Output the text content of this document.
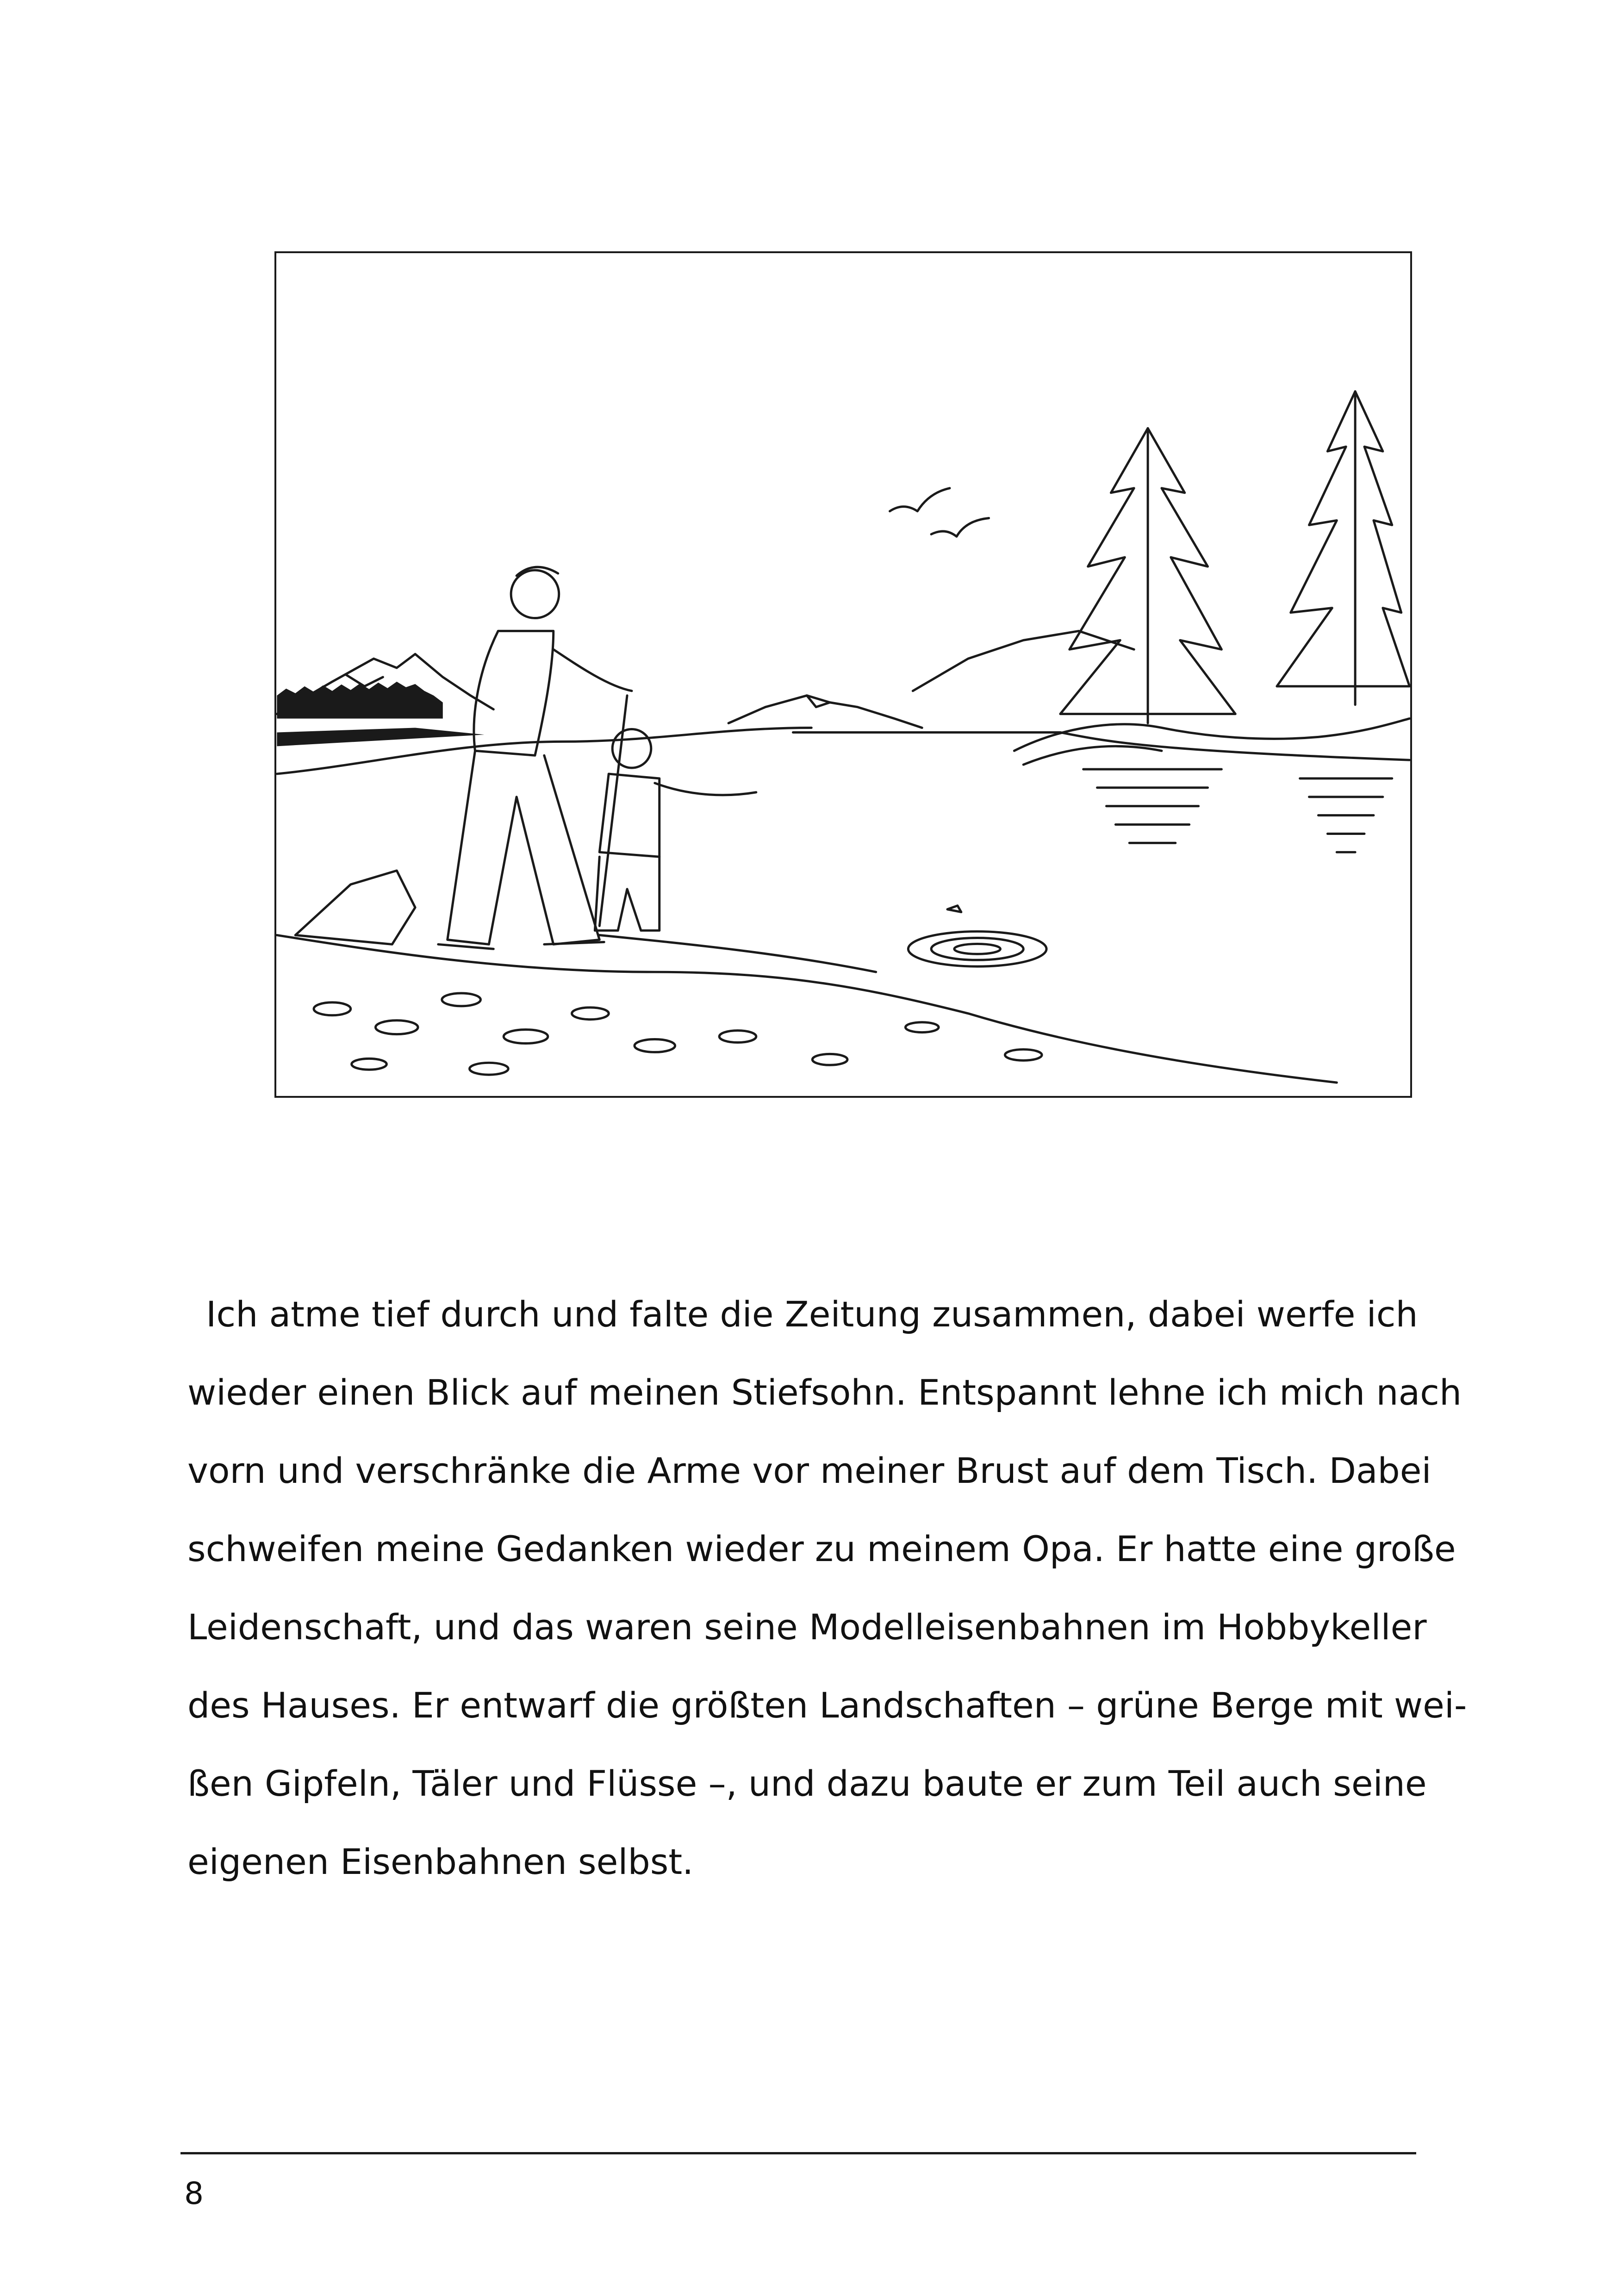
Ich atme tief durch und falte die Zeitung zusammen, dabei werfe ich
wieder einen Blick auf meinen Stiefsohn. Entspannt lehne ich mich nach
vorn und verschränke die Arme vor meiner Brust auf dem Tisch. Dabei
schweifen meine Gedanken wieder zu meinem Opa. Er hatte eine große
Leidenschaft, und das waren seine Modelleisenbahnen im Hobbykeller
des Hauses. Er entwarf die größten Landschaften – grüne Berge mit wei-
ßen Gipfeln, Täler und Flüsse –, und dazu baute er zum Teil auch seine
eigenen Eisenbahnen selbst.

8
